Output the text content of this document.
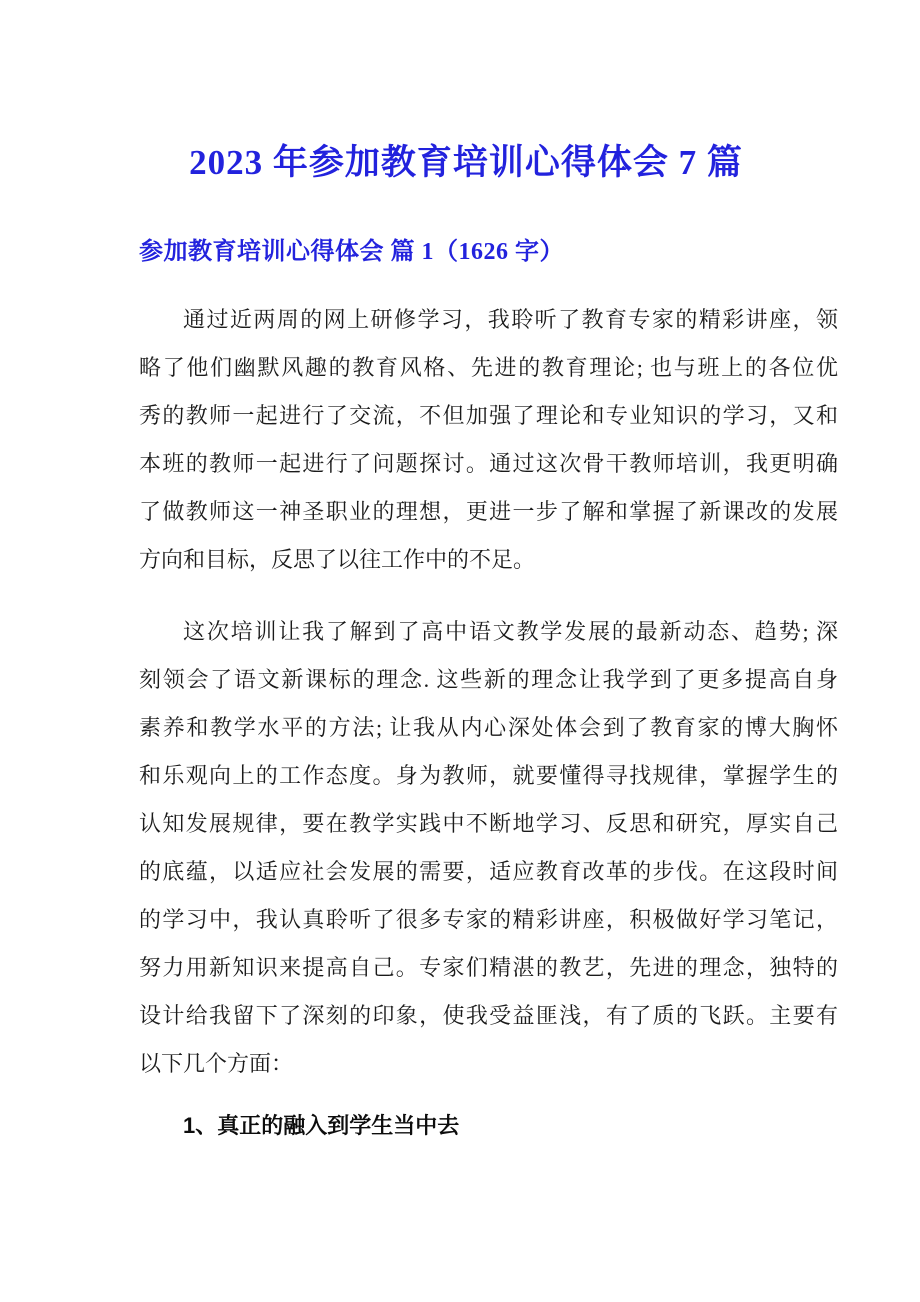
2023 年参加教育培训心得体会 7 篇
参加教育培训心得体会 篇 1（1626 字）
通过近两周的网上研修学习，我聆听了教育专家的精彩讲座，领
略了他们幽默风趣的教育风格、先进的教育理论; 也与班上的各位优
秀的教师一起进行了交流，不但加强了理论和专业知识的学习，又和
本班的教师一起进行了问题探讨。通过这次骨干教师培训，我更明确
了做教师这一神圣职业的理想，更进一步了解和掌握了新课改的发展
方向和目标，反思了以往工作中的不足。
这次培训让我了解到了高中语文教学发展的最新动态、趋势; 深
刻领会了语文新课标的理念. 这些新的理念让我学到了更多提高自身
素养和教学水平的方法; 让我从内心深处体会到了教育家的博大胸怀
和乐观向上的工作态度。身为教师，就要懂得寻找规律，掌握学生的
认知发展规律，要在教学实践中不断地学习、反思和研究，厚实自己
的底蕴，以适应社会发展的需要，适应教育改革的步伐。在这段时间
的学习中，我认真聆听了很多专家的精彩讲座，积极做好学习笔记，
努力用新知识来提高自己。专家们精湛的教艺，先进的理念，独特的
设计给我留下了深刻的印象，使我受益匪浅，有了质的飞跃。主要有
以下几个方面：
1、真正的融入到学生当中去
